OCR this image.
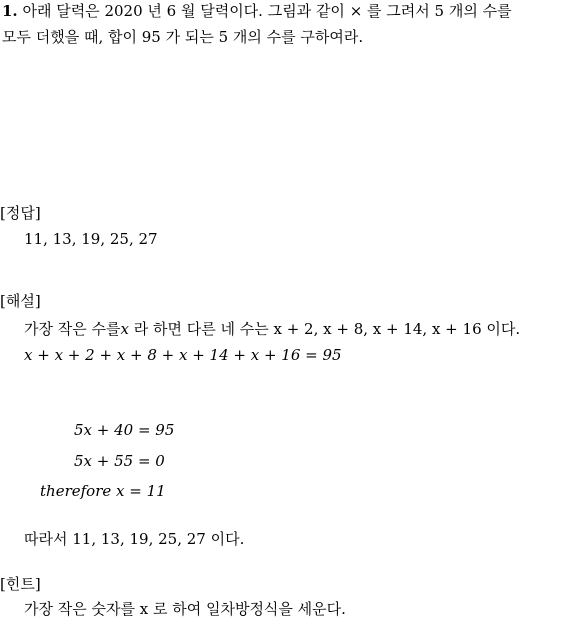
1. 아래 달력은 2020 년 6 월 달력이다. 그림과 같이 × 를 그려서 5 개의 수를
모두 더했을 때, 합이 95 가 되는 5 개의 수를 구하여라.
[정답]
11, 13, 19, 25, 27
[해설]
가장 작은 수를x 라 하면 다른 네 수는 x + 2, x + 8, x + 14, x + 16 이다.
x + x + 2 + x + 8 + x + 14 + x + 16 = 95
5x + 40 = 95
5x + 55 = 0
therefore x = 11
따라서 11, 13, 19, 25, 27 이다.
[힌트]
가장 작은 숫자를 x 로 하여 일차방정식을 세운다.
